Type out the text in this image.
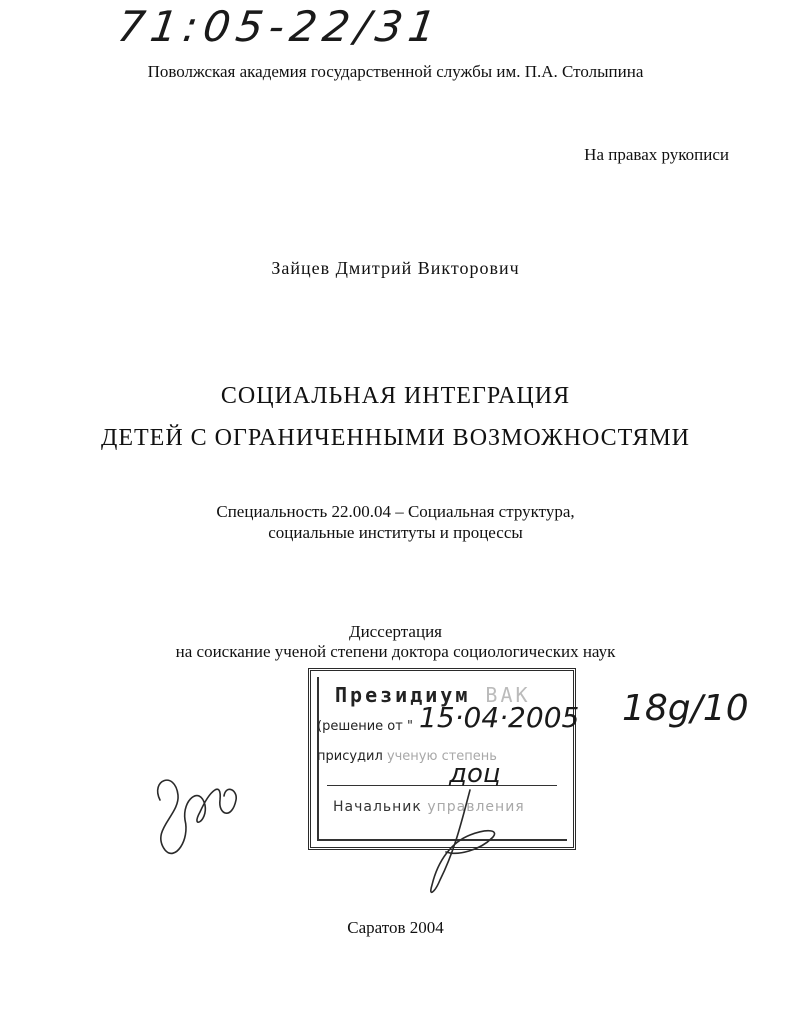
71:05-22/31
Поволжская академия государственной службы им. П.А. Столыпина
На правах рукописи
Зайцев Дмитрий Викторович
СОЦИАЛЬНАЯ ИНТЕГРАЦИЯ
ДЕТЕЙ С ОГРАНИЧЕННЫМИ ВОЗМОЖНОСТЯМИ
Специальность 22.00.04 – Социальная структура,
социальные институты и процессы
Диссертация
на соискание ученой степени доктора социологических наук
Президиум ВАК
(решение от " 15·04·2005
присудил ученую степень
доц
Начальник управления
18g/10
Саратов 2004
